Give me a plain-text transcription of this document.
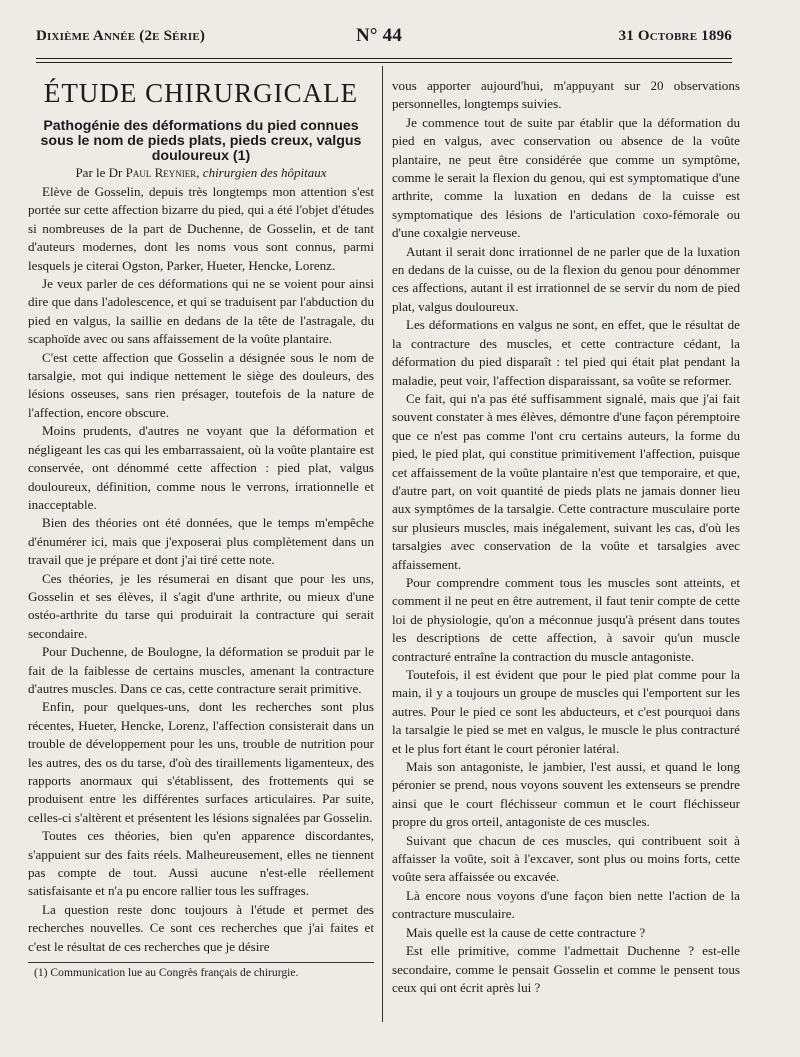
Dixième Année (2e Série)	N° 44	31 Octobre 1896
ÉTUDE CHIRURGICALE

Pathogénie des déformations du pied connues sous le nom de pieds plats, pieds creux, valgus douloureux (1)

Par le Dr Paul Reynier, chirurgien des hôpitaux

Elève de Gosselin, depuis très longtemps mon attention s'est portée sur cette affection bizarre du pied, qui a été l'objet d'études si nombreuses de la part de Duchenne, de Gosselin, et de tant d'auteurs modernes, dont les noms vous sont connus, parmi lesquels je citerai Ogston, Parker, Hueter, Hencke, Lorenz.

Je veux parler de ces déformations qui ne se voient pour ainsi dire que dans l'adolescence, et qui se traduisent par l'abduction du pied en valgus, la saillie en dedans de la tête de l'astragale, du scaphoïde avec ou sans affaissement de la voûte plantaire.

C'est cette affection que Gosselin a désignée sous le nom de tarsalgie, mot qui indique nettement le siège des douleurs, des lésions osseuses, sans rien présager, toutefois de la nature de l'affection, encore obscure.

Moins prudents, d'autres ne voyant que la déformation et négligeant les cas qui les embarrassaient, où la voûte plantaire est conservée, ont dénommé cette affection : pied plat, valgus douloureux, définition, comme nous le verrons, irrationnelle et inacceptable.

Bien des théories ont été données, que le temps m'empêche d'énumérer ici, mais que j'exposerai plus complètement dans un travail que je prépare et dont j'ai tiré cette note.

Ces théories, je les résumerai en disant que pour les uns, Gosselin et ses élèves, il s'agit d'une arthrite, ou mieux d'une ostéo-arthrite du tarse qui produirait la contracture qui serait secondaire.

Pour Duchenne, de Boulogne, la déformation se produit par le fait de la faiblesse de certains muscles, amenant la contracture d'autres muscles. Dans ce cas, cette contracture serait primitive.

Enfin, pour quelques-uns, dont les recherches sont plus récentes, Hueter, Hencke, Lorenz, l'affection consisterait dans un trouble de développement pour les uns, trouble de nutrition pour les autres, des os du tarse, d'où des tiraillements ligamenteux, des rapports anormaux qui s'établissent, des frottements qui se produisent entre les différentes surfaces articulaires. Par suite, celles-ci s'altèrent et présentent les lésions signalées par Gosselin.

Toutes ces théories, bien qu'en apparence discordantes, s'appuient sur des faits réels. Malheureusement, elles ne tiennent pas compte de tout. Aussi aucune n'est-elle réellement satisfaisante et n'a pu encore rallier tous les suffrages.

La question reste donc toujours à l'étude et permet des recherches nouvelles. Ce sont ces recherches que j'ai faites et c'est le résultat de ces recherches que je désire

(1) Communication lue au Congrès français de chirurgie.

vous apporter aujourd'hui, m'appuyant sur 20 observations personnelles, longtemps suivies.

Je commence tout de suite par établir que la déformation du pied en valgus, avec conservation ou absence de la voûte plantaire, ne peut être considérée que comme un symptôme, comme le serait la flexion du genou, qui est symptomatique d'une arthrite, comme la luxation en dedans de la cuisse est symptomatique des lésions de l'articulation coxo-fémorale ou d'une coxalgie nerveuse.

Autant il serait donc irrationnel de ne parler que de la luxation en dedans de la cuisse, ou de la flexion du genou pour dénommer ces affections, autant il est irrationnel de se servir du nom de pied plat, valgus douloureux.

Les déformations en valgus ne sont, en effet, que le résultat de la contracture des muscles, et cette contracture cédant, la déformation du pied disparaît : tel pied qui était plat pendant la maladie, peut voir, l'affection disparaissant, sa voûte se reformer.

Ce fait, qui n'a pas été suffisamment signalé, mais que j'ai fait souvent constater à mes élèves, démontre d'une façon péremptoire que ce n'est pas comme l'ont cru certains auteurs, la forme du pied, le pied plat, qui constitue primitivement l'affection, puisque cet affaissement de la voûte plantaire n'est que temporaire, et que, d'autre part, on voit quantité de pieds plats ne jamais donner lieu aux symptômes de la tarsalgie. Cette contracture musculaire porte sur plusieurs muscles, mais inégalement, suivant les cas, d'où les tarsalgies avec conservation de la voûte et tarsalgies avec affaissement.

Pour comprendre comment tous les muscles sont atteints, et comment il ne peut en être autrement, il faut tenir compte de cette loi de physiologie, qu'on a méconnue jusqu'à présent dans toutes les descriptions de cette affection, à savoir qu'un muscle contracturé entraîne la contraction du muscle antagoniste.

Toutefois, il est évident que pour le pied plat comme pour la main, il y a toujours un groupe de muscles qui l'emportent sur les autres. Pour le pied ce sont les abducteurs, et c'est pourquoi dans la tarsalgie le pied se met en valgus, le muscle le plus contracturé et le plus fort étant le court péronier latéral.

Mais son antagoniste, le jambier, l'est aussi, et quand le long péronier se prend, nous voyons souvent les extenseurs se prendre ainsi que le court fléchisseur commun et le court fléchisseur propre du gros orteil, antagoniste de ces muscles.

Suivant que chacun de ces muscles, qui contribuent soit à affaisser la voûte, soit à l'excaver, sont plus ou moins forts, cette voûte sera affaissée ou excavée.

Là encore nous voyons d'une façon bien nette l'action de la contracture musculaire.

Mais quelle est la cause de cette contracture ?

Est elle primitive, comme l'admettait Duchenne ? est-elle secondaire, comme le pensait Gosselin et comme le pensent tous ceux qui ont écrit après lui ?
